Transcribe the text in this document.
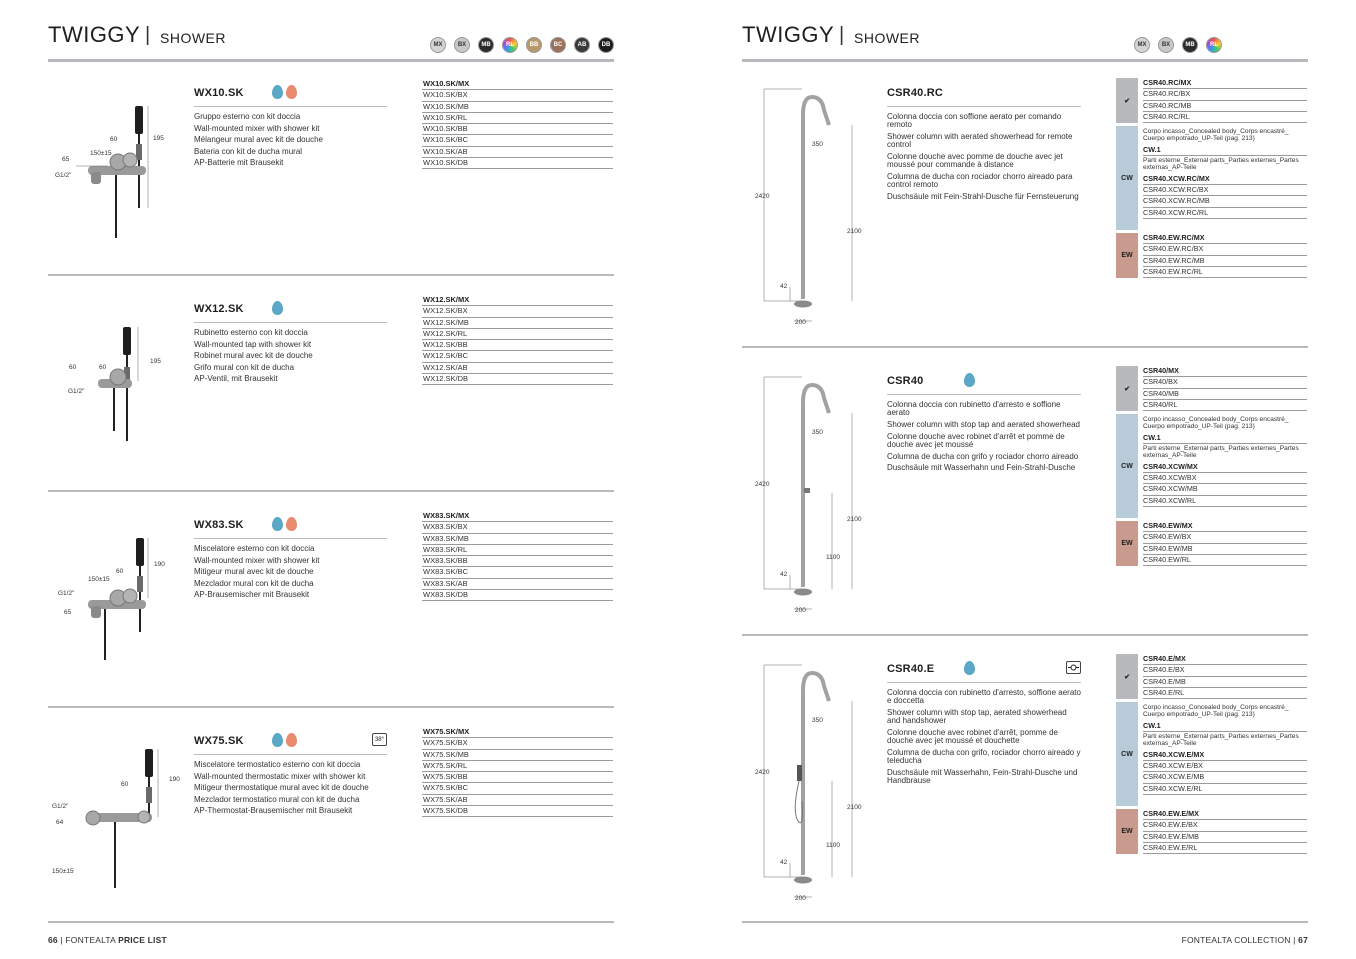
TWIGGY | SHOWER	MX	BX	MB	RL	BB	BC	AB	DB
195
60
150±15
65
G1/2"
WX10.SK
Gruppo esterno con kit doccia
Wall-mounted mixer with shower kit
Mélangeur mural avec kit de douche
Bateria con kit de ducha mural
AP-Batterie mit Brausekit
WX10.SK/MX
WX10.SK/BX
WX10.SK/MB
WX10.SK/RL
WX10.SK/BB
WX10.SK/BC
WX10.SK/AB
WX10.SK/DB
195
60	60
G1/2"
WX12.SK
Rubinetto esterno con kit doccia
Wall-mounted tap with shower kit
Robinet mural avec kit de douche
Grifo mural con kit de ducha
AP-Ventil, mit Brausekit
WX12.SK/MX
WX12.SK/BX
WX12.SK/MB
WX12.SK/RL
WX12.SK/BB
WX12.SK/BC
WX12.SK/AB
WX12.SK/DB
190
60
150±15
G1/2"
65
WX83.SK
Miscelatore esterno con kit doccia
Wall-mounted mixer with shower kit
Mitigeur mural avec kit de douche
Mezclador mural con kit de ducha
AP-Brausemischer mit Brausekit
WX83.SK/MX
WX83.SK/BX
WX83.SK/MB
WX83.SK/RL
WX83.SK/BB
WX83.SK/BC
WX83.SK/AB
WX83.SK/DB
190
60
G1/2"
64
150±15
WX75.SK	38°
Miscelatore termostatico esterno con kit doccia
Wall-mounted thermostatic mixer with shower kit
Mitigeur thermostatique mural avec kit de douche
Mezclador termostatico mural con kit de ducha
AP-Thermostat-Brausemischer mit Brausekit
WX75.SK/MX
WX75.SK/BX
WX75.SK/MB
WX75.SK/RL
WX75.SK/BB
WX75.SK/BC
WX75.SK/AB
WX75.SK/DB
66 | FONTEALTA PRICE LIST
TWIGGY | SHOWER	MX	BX	MB	RL
350
2420
2100
42
200
CSR40.RC
Colonna doccia con soffione aerato per comando remoto
Shower column with aerated showerhead for remote control
Colonne douche avec pomme de douche avec jet moussé pour commande à distance
Columna de ducha con rociador chorro aireado para control remoto
Duschsäule mit Fein-Strahl-Dusche für Fernsteuerung
✔
CSR40.RC/MX
CSR40.RC/BX
CSR40.RC/MB
CSR40.RC/RL
CW
Corpo incasso_Concealed body_Corps encastré_ Cuerpo empotrado_UP-Teil (pag. 213)
CW.1
Parti esterne_External parts_Parties externes_Partes externas_AP-Teile
CSR40.XCW.RC/MX
CSR40.XCW.RC/BX
CSR40.XCW.RC/MB
CSR40.XCW.RC/RL
EW
CSR40.EW.RC/MX
CSR40.EW.RC/BX
CSR40.EW.RC/MB
CSR40.EW.RC/RL
350
2420
2100
1100
42
200
CSR40
Colonna doccia con rubinetto d'arresto e soffione aerato
Shower column with stop tap and aerated showerhead
Colonne douche avec robinet d'arrêt et pomme de douche avec jet moussé
Columna de ducha con grifo y rociador chorro aireado
Duschsäule mit Wasserhahn und Fein-Strahl-Dusche
✔
CSR40/MX
CSR40/BX
CSR40/MB
CSR40/RL
CW
Corpo incasso_Concealed body_Corps encastré_ Cuerpo empotrado_UP-Teil (pag. 213)
CW.1
Parti esterne_External parts_Parties externes_Partes externas_AP-Teile
CSR40.XCW/MX
CSR40.XCW/BX
CSR40.XCW/MB
CSR40.XCW/RL
EW
CSR40.EW/MX
CSR40.EW/BX
CSR40.EW/MB
CSR40.EW/RL
350
2420
2100
1100
42
200
CSR40.E
Colonna doccia con rubinetto d'arresto, soffione aerato e doccetta
Shower column with stop tap, aerated showerhead and handshower
Colonne douche avec robinet d'arrêt, pomme de douche avec jet moussé et douchette
Columna de ducha con grifo, rociador chorro aireado y teleducha
Duschsäule mit Wasserhahn, Fein-Strahl-Dusche und Handbrause
✔
CSR40.E/MX
CSR40.E/BX
CSR40.E/MB
CSR40.E/RL
CW
Corpo incasso_Concealed body_Corps encastré_ Cuerpo empotrado_UP-Teil (pag. 213)
CW.1
Parti esterne_External parts_Parties externes_Partes externas_AP-Teile
CSR40.XCW.E/MX
CSR40.XCW.E/BX
CSR40.XCW.E/MB
CSR40.XCW.E/RL
EW
CSR40.EW.E/MX
CSR40.EW.E/BX
CSR40.EW.E/MB
CSR40.EW.E/RL
FONTEALTA COLLECTION | 67
